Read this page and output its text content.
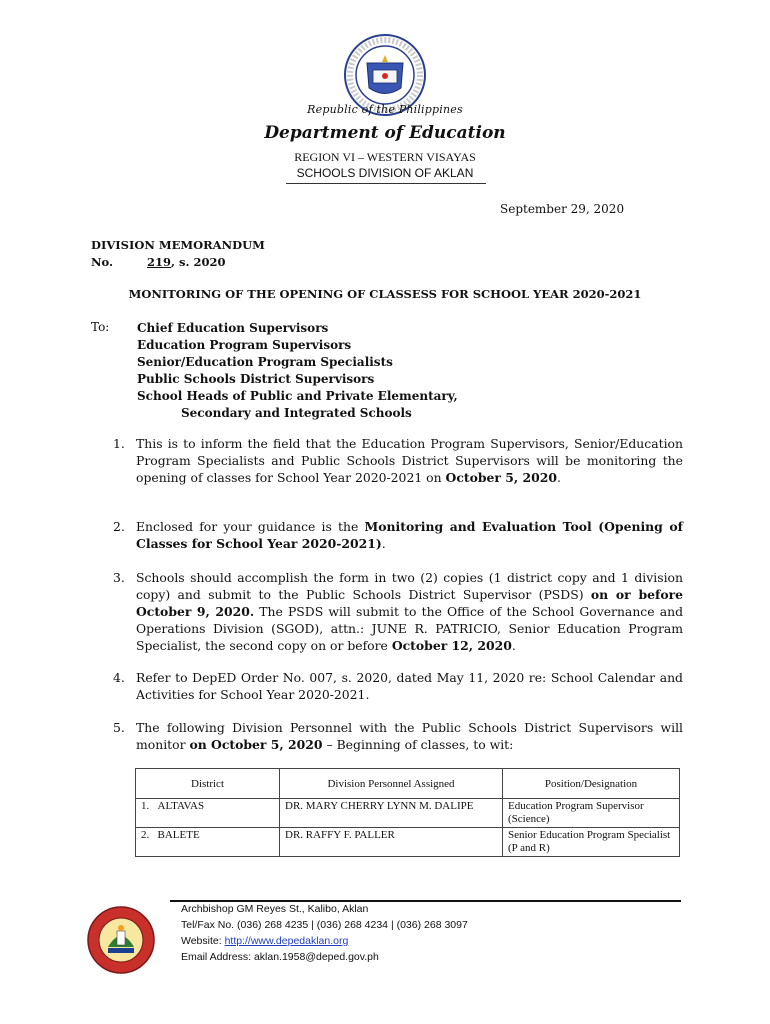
Republic of the Philippines
Department of Education
REGION VI – WESTERN VISAYAS
SCHOOLS DIVISION OF AKLAN
September 29, 2020
DIVISION MEMORANDUM
No.	219, s. 2020
MONITORING OF THE OPENING OF CLASSESS FOR SCHOOL YEAR 2020-2021
To: Chief Education Supervisors
Education Program Supervisors
Senior/Education Program Specialists
Public Schools District Supervisors
School Heads of Public and Private Elementary,
Secondary and Integrated Schools
1. This is to inform the field that the Education Program Supervisors, Senior/Education Program Specialists and Public Schools District Supervisors will be monitoring the opening of classes for School Year 2020-2021 on October 5, 2020.
2. Enclosed for your guidance is the Monitoring and Evaluation Tool (Opening of Classes for School Year 2020-2021).
3. Schools should accomplish the form in two (2) copies (1 district copy and 1 division copy) and submit to the Public Schools District Supervisor (PSDS) on or before October 9, 2020. The PSDS will submit to the Office of the School Governance and Operations Division (SGOD), attn.: JUNE R. PATRICIO, Senior Education Program Specialist, the second copy on or before October 12, 2020.
4. Refer to DepED Order No. 007, s. 2020, dated May 11, 2020 re: School Calendar and Activities for School Year 2020-2021.
5. The following Division Personnel with the Public Schools District Supervisors will monitor on October 5, 2020 – Beginning of classes, to wit:
District	Division Personnel Assigned	Position/Designation
1. ALTAVAS	DR. MARY CHERRY LYNN M. DALIPE	Education Program Supervisor (Science)
2. BALETE	DR. RAFFY F. PALLER	Senior Education Program Specialist (P and R)
Archbishop GM Reyes St., Kalibo, Aklan
Tel/Fax No. (036) 268 4235 | (036) 268 4234 | (036) 268 3097
Website: http://www.depedaklan.org
Email Address: aklan.1958@deped.gov.ph
